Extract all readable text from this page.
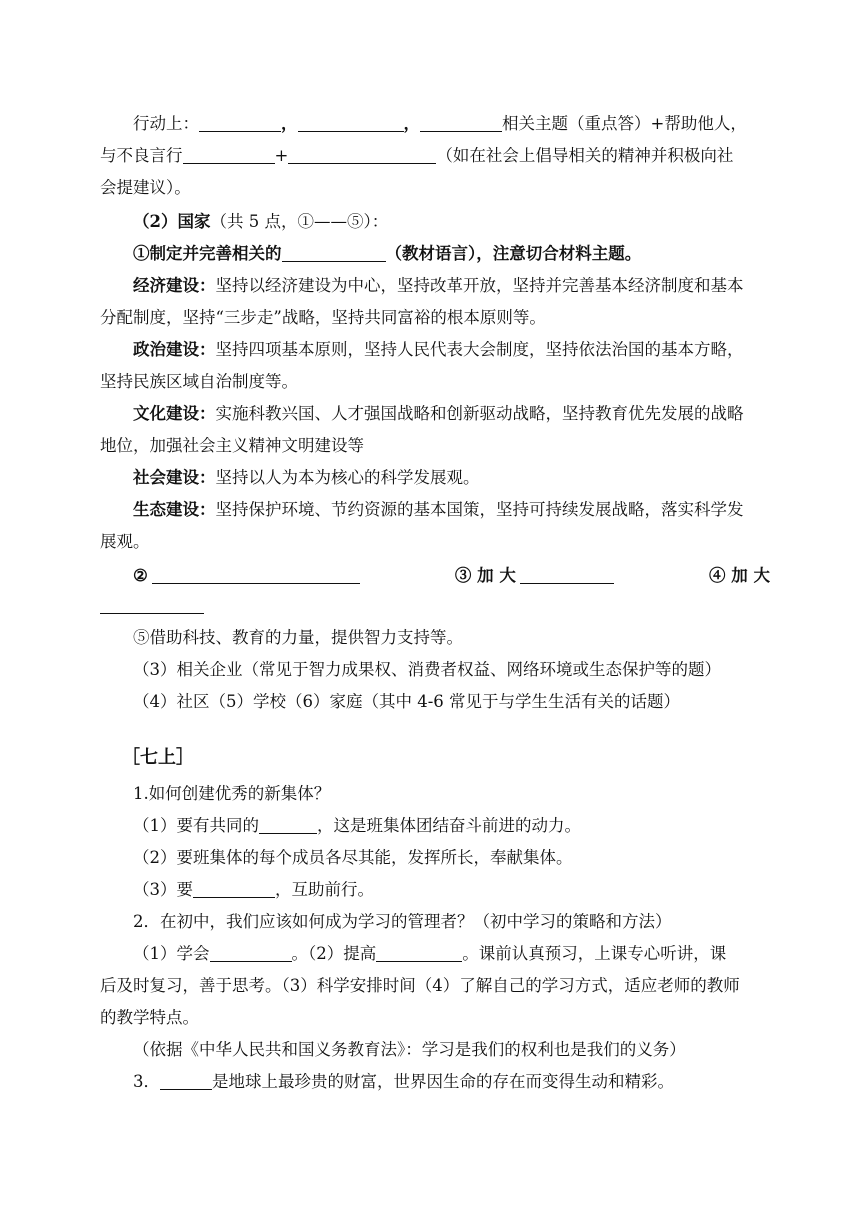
行动上：	，	，	相关主题（重点答）+帮助他人，
与不良言行	+	（如在社会上倡导相关的精神并积极向社
会提建议）。
（2）国家（共 5 点，①——⑤）：
①制定并完善相关的	（教材语言），注意切合材料主题。
经济建设：坚持以经济建设为中心，坚持改革开放，坚持并完善基本经济制度和基本
分配制度，坚持“三步走”战略，坚持共同富裕的根本原则等。
政治建设：坚持四项基本原则，坚持人民代表大会制度，坚持依法治国的基本方略，
坚持民族区域自治制度等。
文化建设：实施科教兴国、人才强国战略和创新驱动战略，坚持教育优先发展的战略
地位，加强社会主义精神文明建设等
社会建设：坚持以人为本为核心的科学发展观。
生态建设：坚持保护环境、节约资源的基本国策，坚持可持续发展战略，落实科学发
展观。
②	③ 加 大	④ 加 大
⑤借助科技、教育的力量，提供智力支持等。
（3）相关企业（常见于智力成果权、消费者权益、网络环境或生态保护等的题）
（4）社区（5）学校（6）家庭（其中 4-6 常见于与学生生活有关的话题）
［七上］
1.如何创建优秀的新集体？
（1）要有共同的	，这是班集体团结奋斗前进的动力。
（2）要班集体的每个成员各尽其能，发挥所长，奉献集体。
（3）要	，互助前行。
2．在初中，我们应该如何成为学习的管理者？（初中学习的策略和方法）
（1）学会	。（2）提高	。课前认真预习，上课专心听讲，课
后及时复习，善于思考。（3）科学安排时间（4）了解自己的学习方式，适应老师的教师
的教学特点。
（依据《中华人民共和国义务教育法》：学习是我们的权利也是我们的义务）
3．	是地球上最珍贵的财富，世界因生命的存在而变得生动和精彩。
